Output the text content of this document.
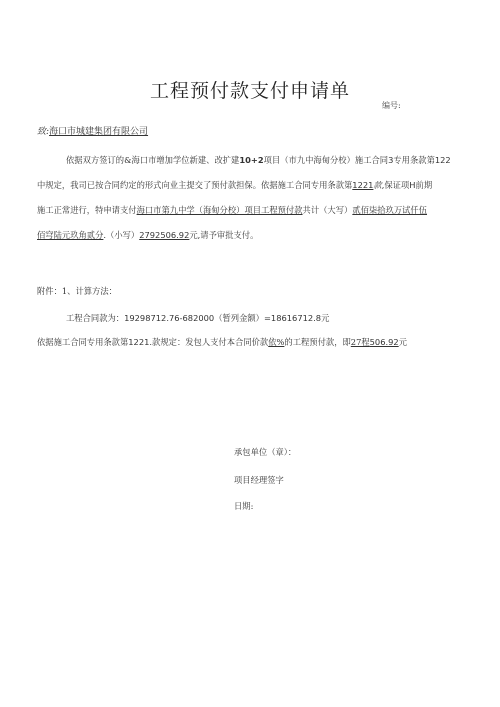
工程预付款支付申请单
编号:
致:海口市城建集团有限公司
依据双方签订的&海口市增加学位新建、改扩建10+2项目（市九中海甸分校）施工合同3专用条款第122
中规定，我司已按合同约定的形式向业主提交了预付款担保。依据施工合同专用条款第1221款,保证项H前期
施工正常进行，特申请支付海口市第九中学（海甸分校）项目工程预付款共计（大写）贰佰柒拾玖万试仟伍
佰穹陆元玖角贰分.（小写）2792506.92元,请予审批支付。
附件：1、计算方法：
工程合同款为：19298712.76-682000（暂列金额）=18616712.8元
依据施工合同专用条款第1221.款规定：发包人支付本合同价款依%的工程预付款，即27程506.92元
承包单位（章）：
项目经理签字
日期:
